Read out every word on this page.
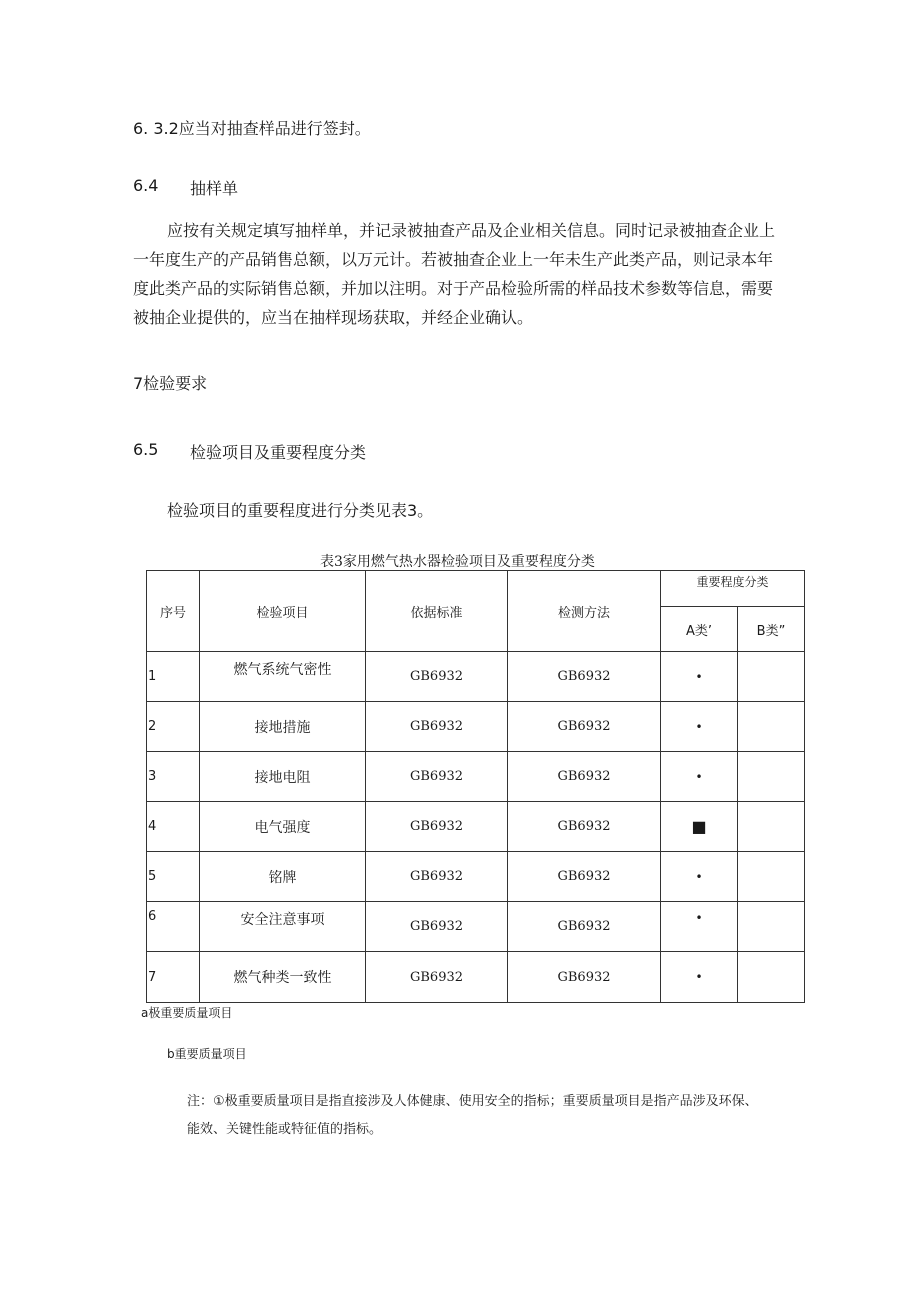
6. 3.2应当对抽查样品进行签封。
6.4 抽样单
应按有关规定填写抽样单，并记录被抽查产品及企业相关信息。同时记录被抽查企业上
一年度生产的产品销售总额，以万元计。若被抽查企业上一年未生产此类产品，则记录本年
度此类产品的实际销售总额，并加以注明。对于产品检验所需的样品技术参数等信息，需要
被抽企业提供的，应当在抽样现场获取，并经企业确认。
7检验要求
6.5 检验项目及重要程度分类
检验项目的重要程度进行分类见表3。
表3家用燃气热水器检验项目及重要程度分类
序号	检验项目	依据标准	检测方法	重要程度分类	
				A类’	B类”
1	燃气系统气密性	GB6932	GB6932	•	
2	接地措施	GB6932	GB6932	•	
3	接地电阻	GB6932	GB6932	•	
4	电气强度	GB6932	GB6932	■	
5	铭牌	GB6932	GB6932	•	
6	安全注意事项	GB6932	GB6932	•	
7	燃气种类一致性	GB6932	GB6932	•	
a极重要质量项目
b重要质量项目
注：①极重要质量项目是指直接涉及人体健康、使用安全的指标；重要质量项目是指产品涉及环保、
能效、关键性能或特征值的指标。
